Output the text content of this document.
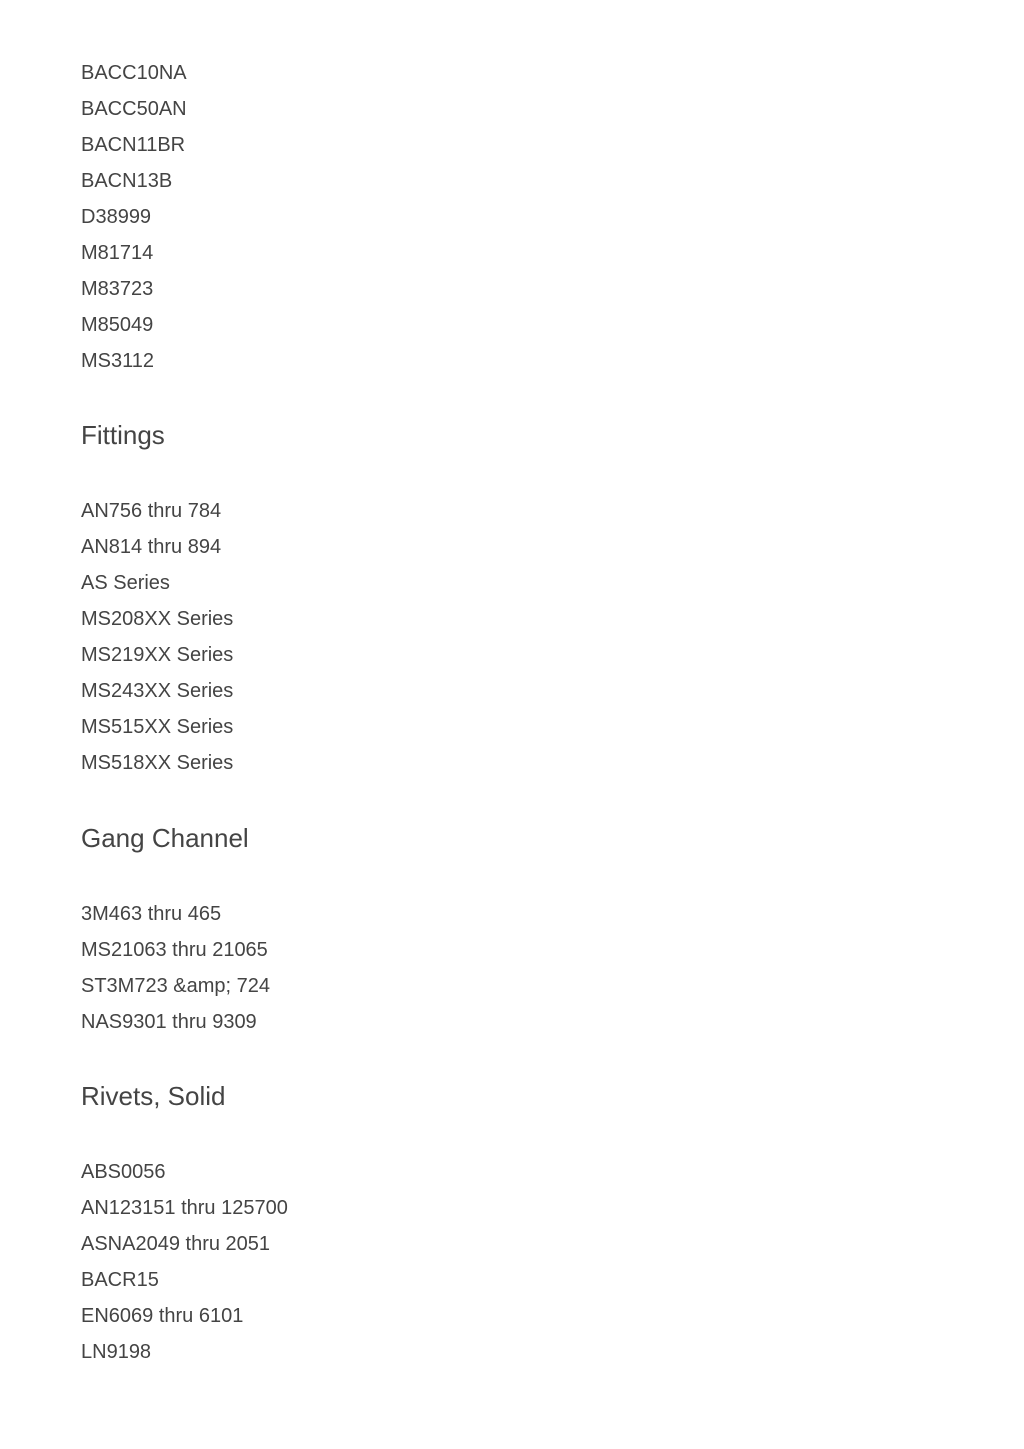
BACC10NA
BACC50AN
BACN11BR
BACN13B
D38999
M81714
M83723
M85049
MS3112
Fittings
AN756 thru 784
AN814 thru 894
AS Series
MS208XX Series
MS219XX Series
MS243XX Series
MS515XX Series
MS518XX Series
Gang Channel
3M463 thru 465
MS21063 thru 21065
ST3M723 &amp; 724
NAS9301 thru 9309
Rivets, Solid
ABS0056
AN123151 thru 125700
ASNA2049 thru 2051
BACR15
EN6069 thru 6101
LN9198
